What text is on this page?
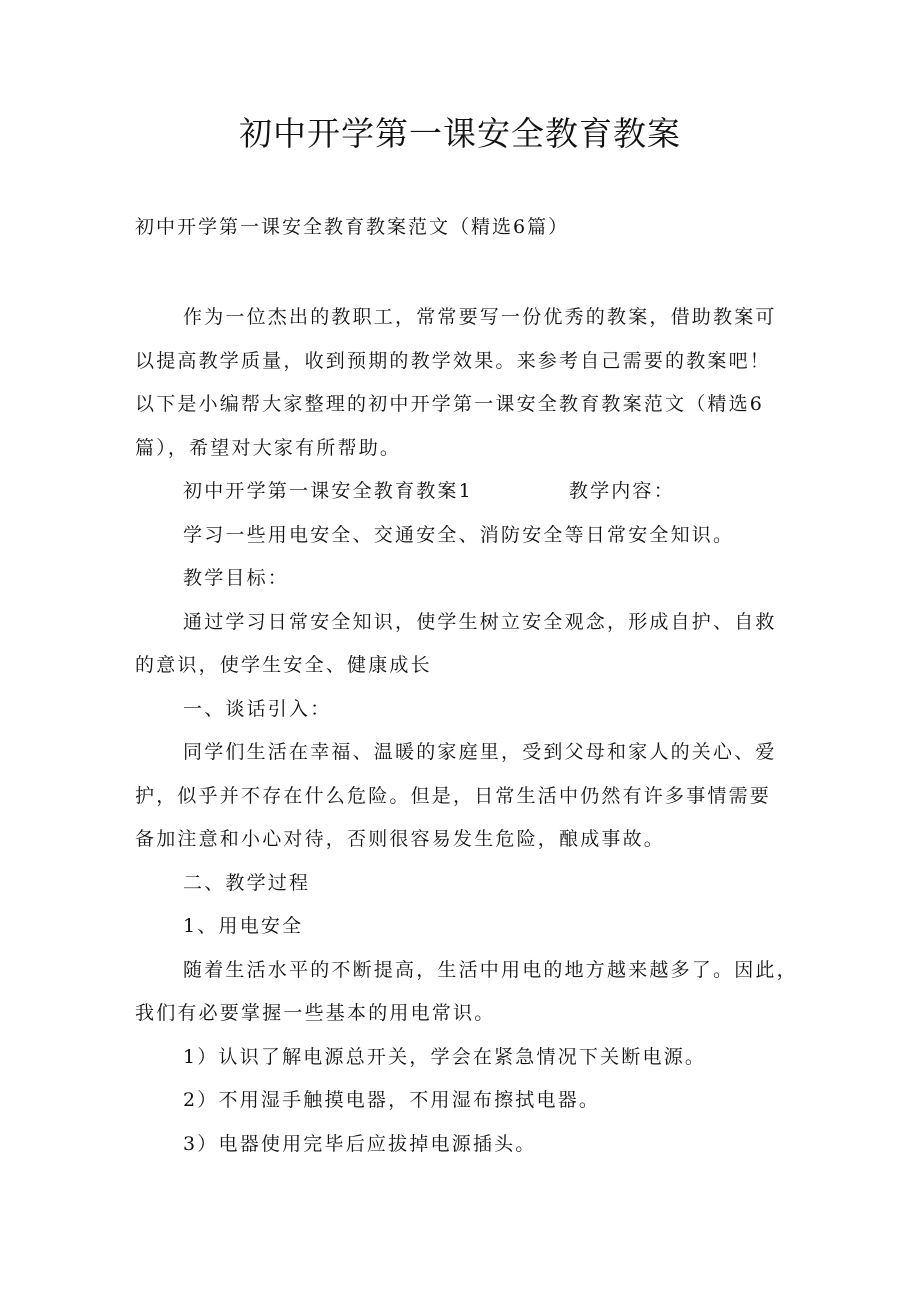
初中开学第一课安全教育教案

初中开学第一课安全教育教案范文（精选6篇）

作为一位杰出的教职工，常常要写一份优秀的教案，借助教案可
以提高教学质量，收到预期的教学效果。来参考自己需要的教案吧！
以下是小编帮大家整理的初中开学第一课安全教育教案范文（精选6
篇），希望对大家有所帮助。
初中开学第一课安全教育教案1	教学内容：
学习一些用电安全、交通安全、消防安全等日常安全知识。
教学目标：
通过学习日常安全知识，使学生树立安全观念，形成自护、自救
的意识，使学生安全、健康成长
一、谈话引入：
同学们生活在幸福、温暖的家庭里，受到父母和家人的关心、爱
护，似乎并不存在什么危险。但是，日常生活中仍然有许多事情需要
备加注意和小心对待，否则很容易发生危险，酿成事故。
二、教学过程
1、用电安全
随着生活水平的不断提高，生活中用电的地方越来越多了。因此，
我们有必要掌握一些基本的用电常识。
1）认识了解电源总开关，学会在紧急情况下关断电源。
2）不用湿手触摸电器，不用湿布擦拭电器。
3）电器使用完毕后应拔掉电源插头。
